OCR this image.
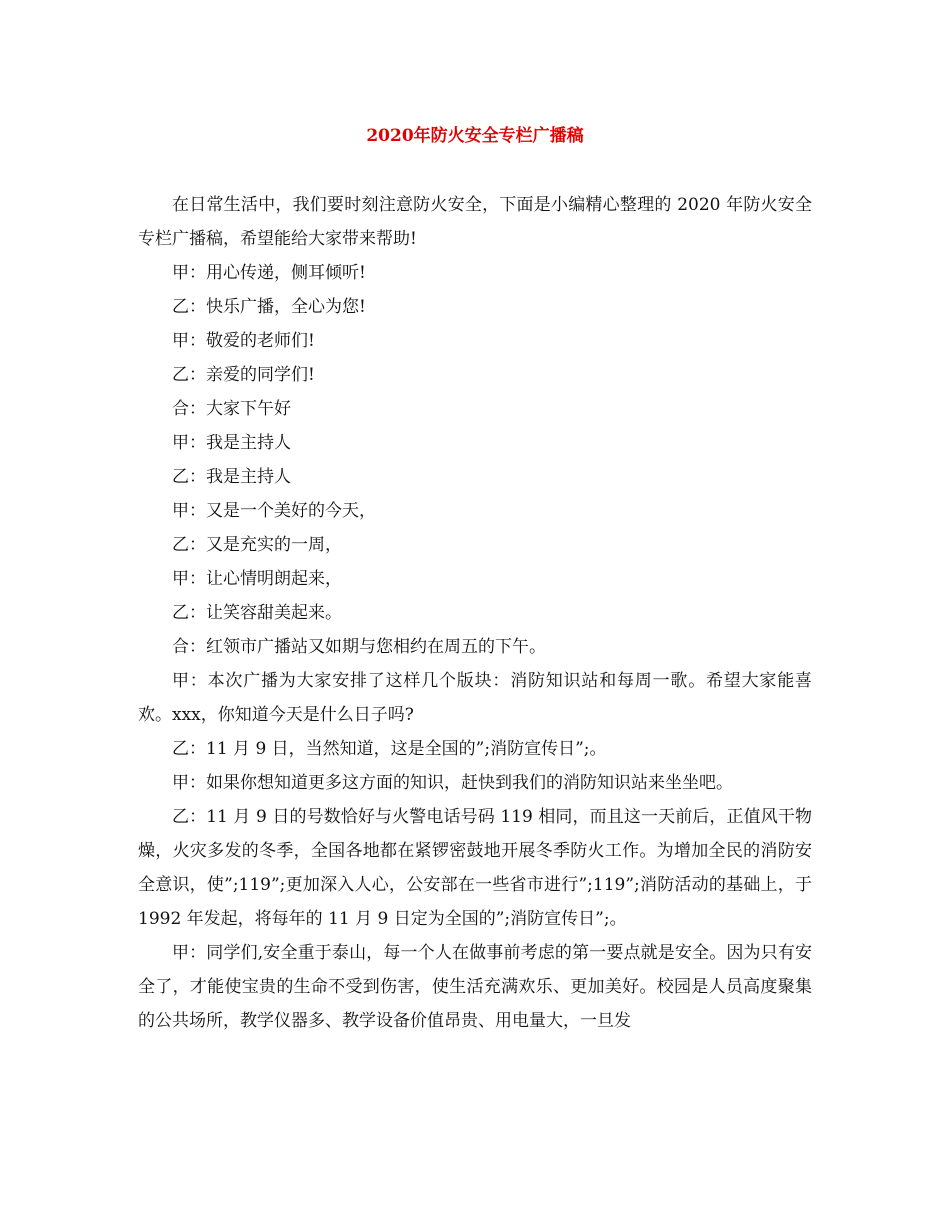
2020年防火安全专栏广播稿

在日常生活中，我们要时刻注意防火安全，下面是小编精心整理的 2020 年防火安全专栏广播稿，希望能给大家带来帮助!

甲：用心传递，侧耳倾听!

乙：快乐广播，全心为您!

甲：敬爱的老师们!

乙：亲爱的同学们!

合：大家下午好

甲：我是主持人

乙：我是主持人

甲：又是一个美好的今天，

乙：又是充实的一周，

甲：让心情明朗起来，

乙：让笑容甜美起来。

合：红领市广播站又如期与您相约在周五的下午。

甲：本次广播为大家安排了这样几个版块：消防知识站和每周一歌。希望大家能喜欢。xxx，你知道今天是什么日子吗?

乙：11 月 9 日，当然知道，这是全国的”;消防宣传日”;。

甲：如果你想知道更多这方面的知识，赶快到我们的消防知识站来坐坐吧。

乙：11 月 9 日的号数恰好与火警电话号码 119 相同，而且这一天前后，正值风干物燥，火灾多发的冬季，全国各地都在紧锣密鼓地开展冬季防火工作。为增加全民的消防安全意识，使”;119”;更加深入人心，公安部在一些省市进行”;119”;消防活动的基础上，于 1992 年发起，将每年的 11 月 9 日定为全国的”;消防宣传日”;。

甲：同学们,安全重于泰山，每一个人在做事前考虑的第一要点就是安全。因为只有安全了，才能使宝贵的生命不受到伤害，使生活充满欢乐、更加美好。校园是人员高度聚集的公共场所，教学仪器多、教学设备价值昂贵、用电量大，一旦发
